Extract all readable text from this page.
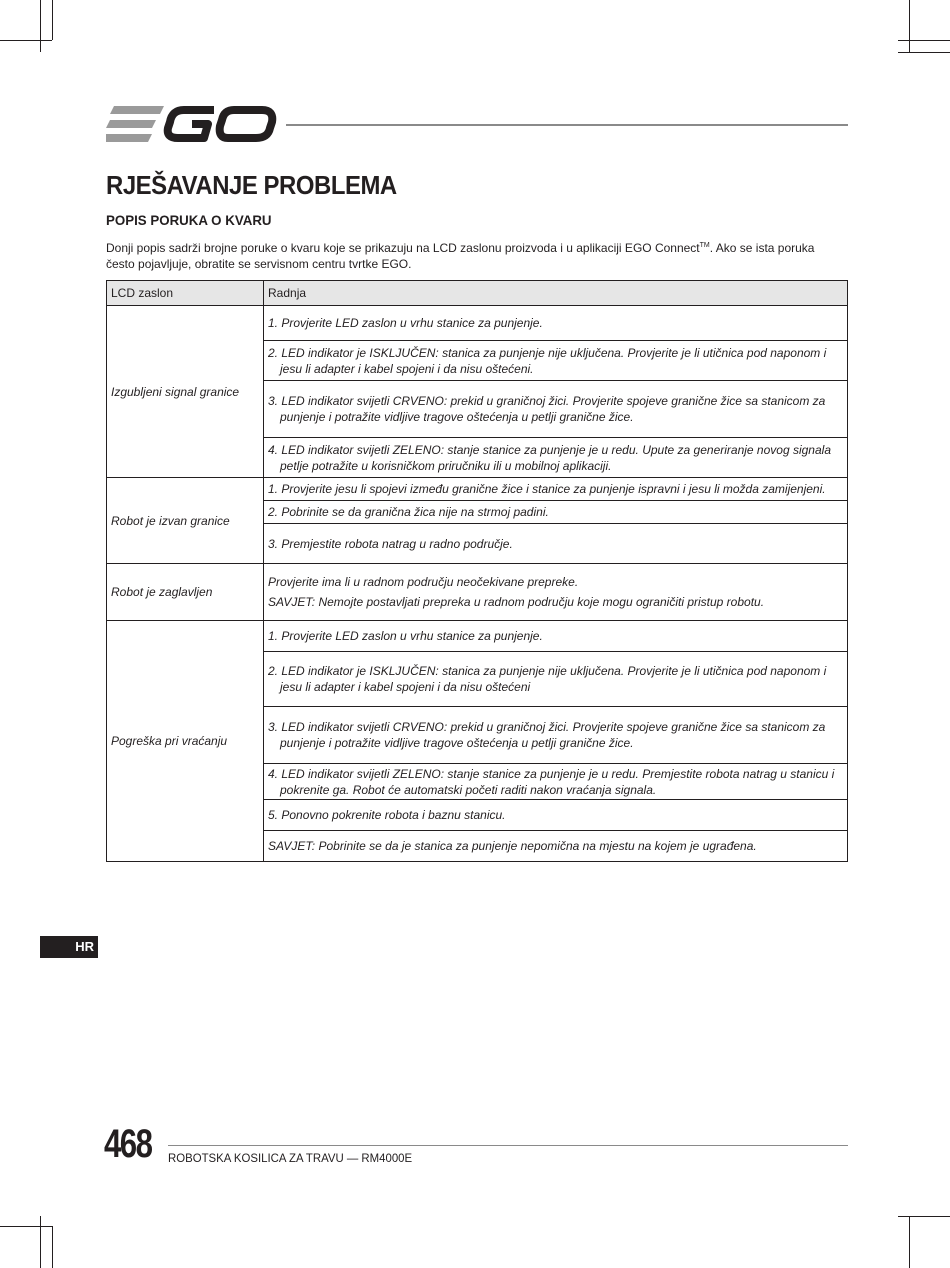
RJEŠAVANJE PROBLEMA
POPIS PORUKA O KVARU

Donji popis sadrži brojne poruke o kvaru koje se prikazuju na LCD zaslonu proizvoda i u aplikaciji EGO Connect™. Ako se ista poruka često pojavljuje, obratite se servisnom centru tvrtke EGO.

LCD zaslon	Radnja
Izgubljeni signal granice	1. Provjerite LED zaslon u vrhu stanice za punjenje.

	2. LED indikator je ISKLJUČEN: stanica za punjenje nije uključena. Provjerite je li utičnica pod naponom i jesu li adapter i kabel spojeni i da nisu oštećeni.

	3. LED indikator svijetli CRVENO: prekid u graničnoj žici. Provjerite spojeve granične žice sa stanicom za punjenje i potražite vidljive tragove oštećenja u petlji granične žice.

	4. LED indikator svijetli ZELENO: stanje stanice za punjenje je u redu. Upute za generiranje novog signala petlje potražite u korisničkom priručniku ili u mobilnoj aplikaciji.

Robot je izvan granice	1. Provjerite jesu li spojevi između granične žice i stanice za punjenje ispravni i jesu li možda zamijenjeni.

	2. Pobrinite se da granična žica nije na strmoj padini.

	3. Premjestite robota natrag u radno područje.

Robot je zaglavljen	Provjerite ima li u radnom području neočekivane prepreke.
SAVJET: Nemojte postavljati prepreka u radnom području koje mogu ograničiti pristup robotu.

Pogreška pri vraćanju	1. Provjerite LED zaslon u vrhu stanice za punjenje.

	2. LED indikator je ISKLJUČEN: stanica za punjenje nije uključena. Provjerite je li utičnica pod naponom i jesu li adapter i kabel spojeni i da nisu oštećeni

	3. LED indikator svijetli CRVENO: prekid u graničnoj žici. Provjerite spojeve granične žice sa stanicom za punjenje i potražite vidljive tragove oštećenja u petlji granične žice.

	4. LED indikator svijetli ZELENO: stanje stanice za punjenje je u redu. Premjestite robota natrag u stanicu i pokrenite ga. Robot će automatski početi raditi nakon vraćanja signala.

	5. Ponovno pokrenite robota i baznu stanicu.

	SAVJET: Pobrinite se da je stanica za punjenje nepomična na mjestu na kojem je ugrađena.
HR
468 ROBOTSKA KOSILICA ZA TRAVU — RM4000E
